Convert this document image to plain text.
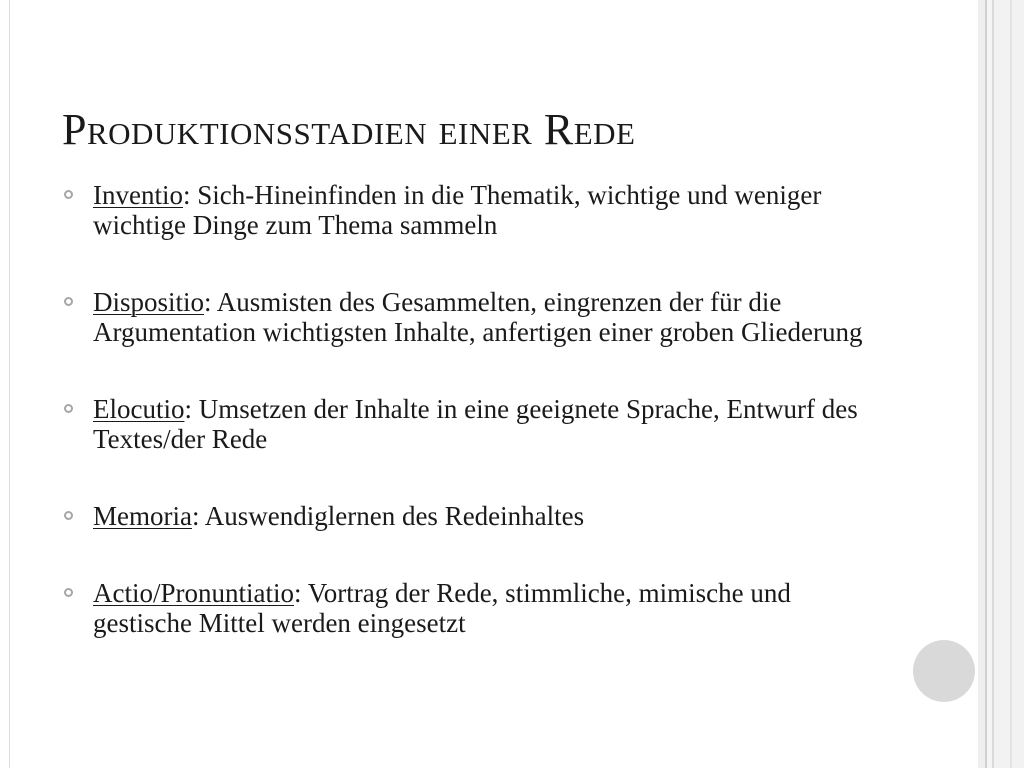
Produktionsstadien einer Rede
Inventio: Sich-Hineinfinden in die Thematik, wichtige und weniger wichtige Dinge zum Thema sammeln
Dispositio: Ausmisten des Gesammelten, eingrenzen der für die Argumentation wichtigsten Inhalte, anfertigen einer groben Gliederung
Elocutio: Umsetzen der Inhalte in eine geeignete Sprache, Entwurf des Textes/der Rede
Memoria: Auswendiglernen des Redeinhaltes
Actio/Pronuntiatio: Vortrag der Rede, stimmliche, mimische und gestische Mittel werden eingesetzt
